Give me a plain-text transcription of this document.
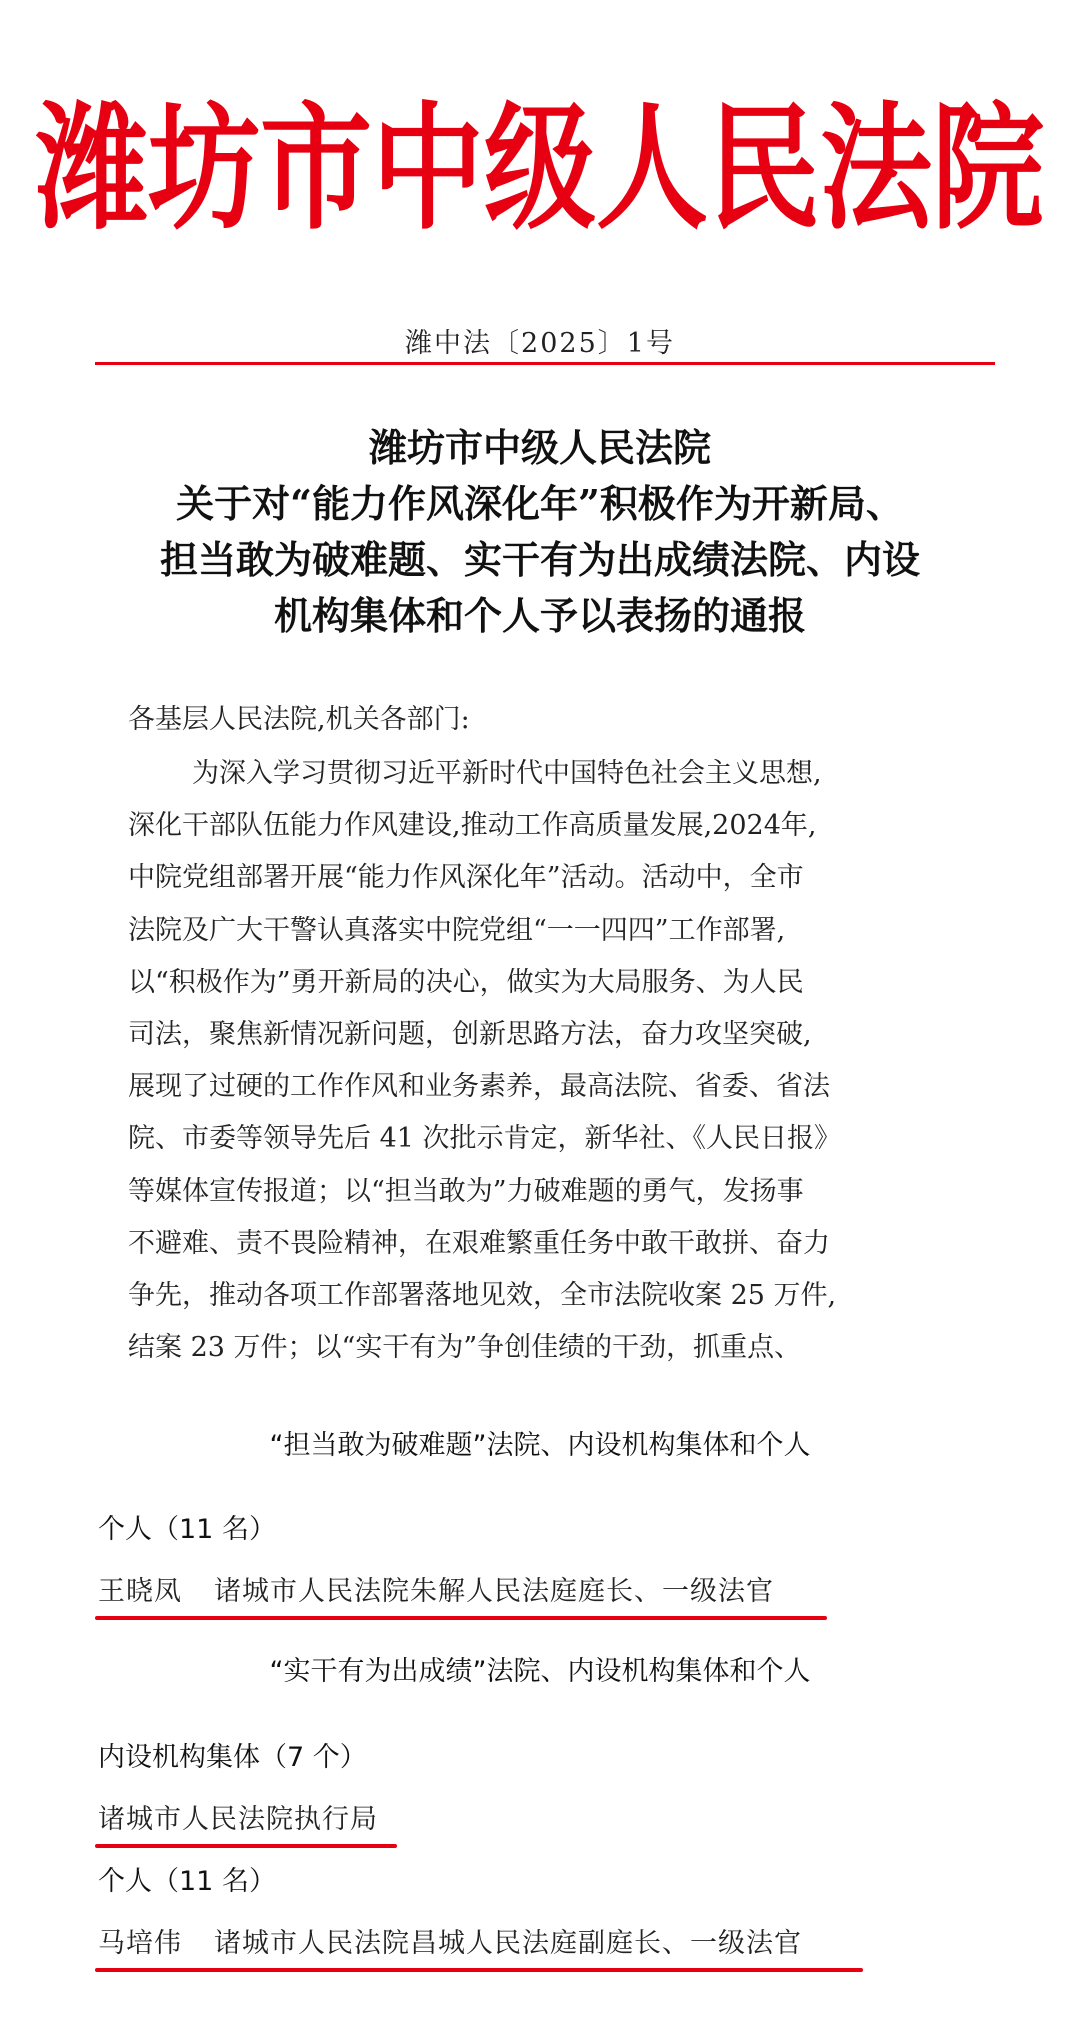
潍坊市中级人民法院
潍中法〔2025〕1号
潍坊市中级人民法院
关于对“能力作风深化年”积极作为开新局、
担当敢为破难题、实干有为出成绩法院、内设
机构集体和个人予以表扬的通报
各基层人民法院,机关各部门:
为深入学习贯彻习近平新时代中国特色社会主义思想,
深化干部队伍能力作风建设,推动工作高质量发展,2024年,
中院党组部署开展“能力作风深化年”活动。活动中，全市
法院及广大干警认真落实中院党组“一一四四”工作部署,
以“积极作为”勇开新局的决心，做实为大局服务、为人民
司法，聚焦新情况新问题，创新思路方法，奋力攻坚突破,
展现了过硬的工作作风和业务素养，最高法院、省委、省法
院、市委等领导先后 41 次批示肯定，新华社、《人民日报》
等媒体宣传报道；以“担当敢为”力破难题的勇气，发扬事
不避难、责不畏险精神，在艰难繁重任务中敢干敢拼、奋力
争先，推动各项工作部署落地见效，全市法院收案 25 万件,
结案 23 万件；以“实干有为”争创佳绩的干劲，抓重点、
“担当敢为破难题”法院、内设机构集体和个人
个人（11 名）
王晓凤 诸城市人民法院朱解人民法庭庭长、一级法官
“实干有为出成绩”法院、内设机构集体和个人
内设机构集体（7 个）
诸城市人民法院执行局
个人（11 名）
马培伟 诸城市人民法院昌城人民法庭副庭长、一级法官
